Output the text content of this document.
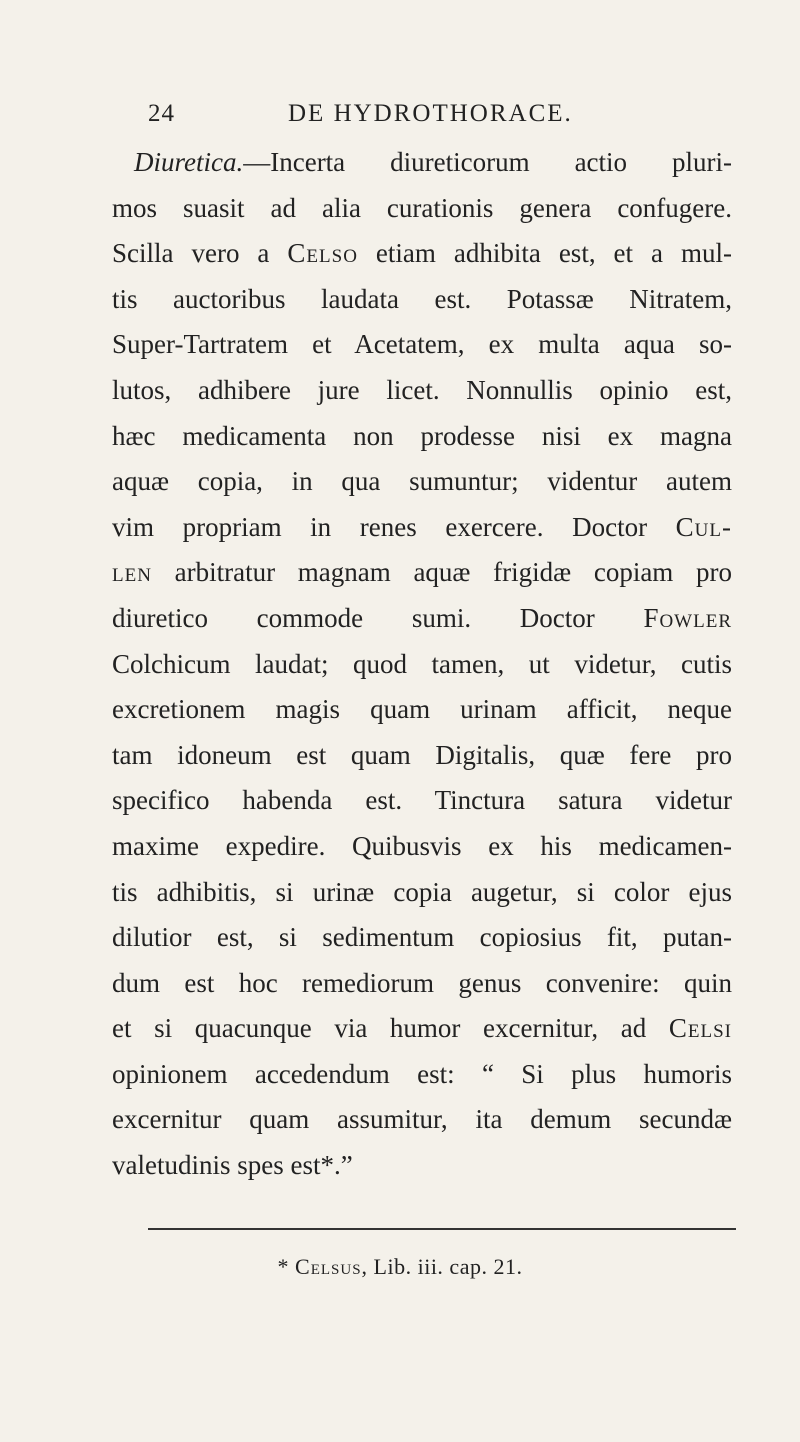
24	DE HYDROTHORACE.
Diuretica.—Incerta diureticorum actio pluri-
mos suasit ad alia curationis genera confugere.
Scilla vero a Celso etiam adhibita est, et a mul-
tis auctoribus laudata est. Potassæ Nitratem,
Super-Tartratem et Acetatem, ex multa aqua so-
lutos, adhibere jure licet. Nonnullis opinio est,
hæc medicamenta non prodesse nisi ex magna
aquæ copia, in qua sumuntur; videntur autem
vim propriam in renes exercere. Doctor Cul-
len arbitratur magnam aquæ frigidæ copiam pro
diuretico commode sumi. Doctor Fowler
Colchicum laudat; quod tamen, ut videtur, cutis
excretionem magis quam urinam afficit, neque
tam idoneum est quam Digitalis, quæ fere pro
specifico habenda est. Tinctura satura videtur
maxime expedire. Quibusvis ex his medicamen-
tis adhibitis, si urinæ copia augetur, si color ejus
dilutior est, si sedimentum copiosius fit, putan-
dum est hoc remediorum genus convenire: quin
et si quacunque via humor excernitur, ad Celsi
opinionem accedendum est: “ Si plus humoris
excernitur quam assumitur, ita demum secundæ
valetudinis spes est*.”
* Celsus, Lib. iii. cap. 21.
